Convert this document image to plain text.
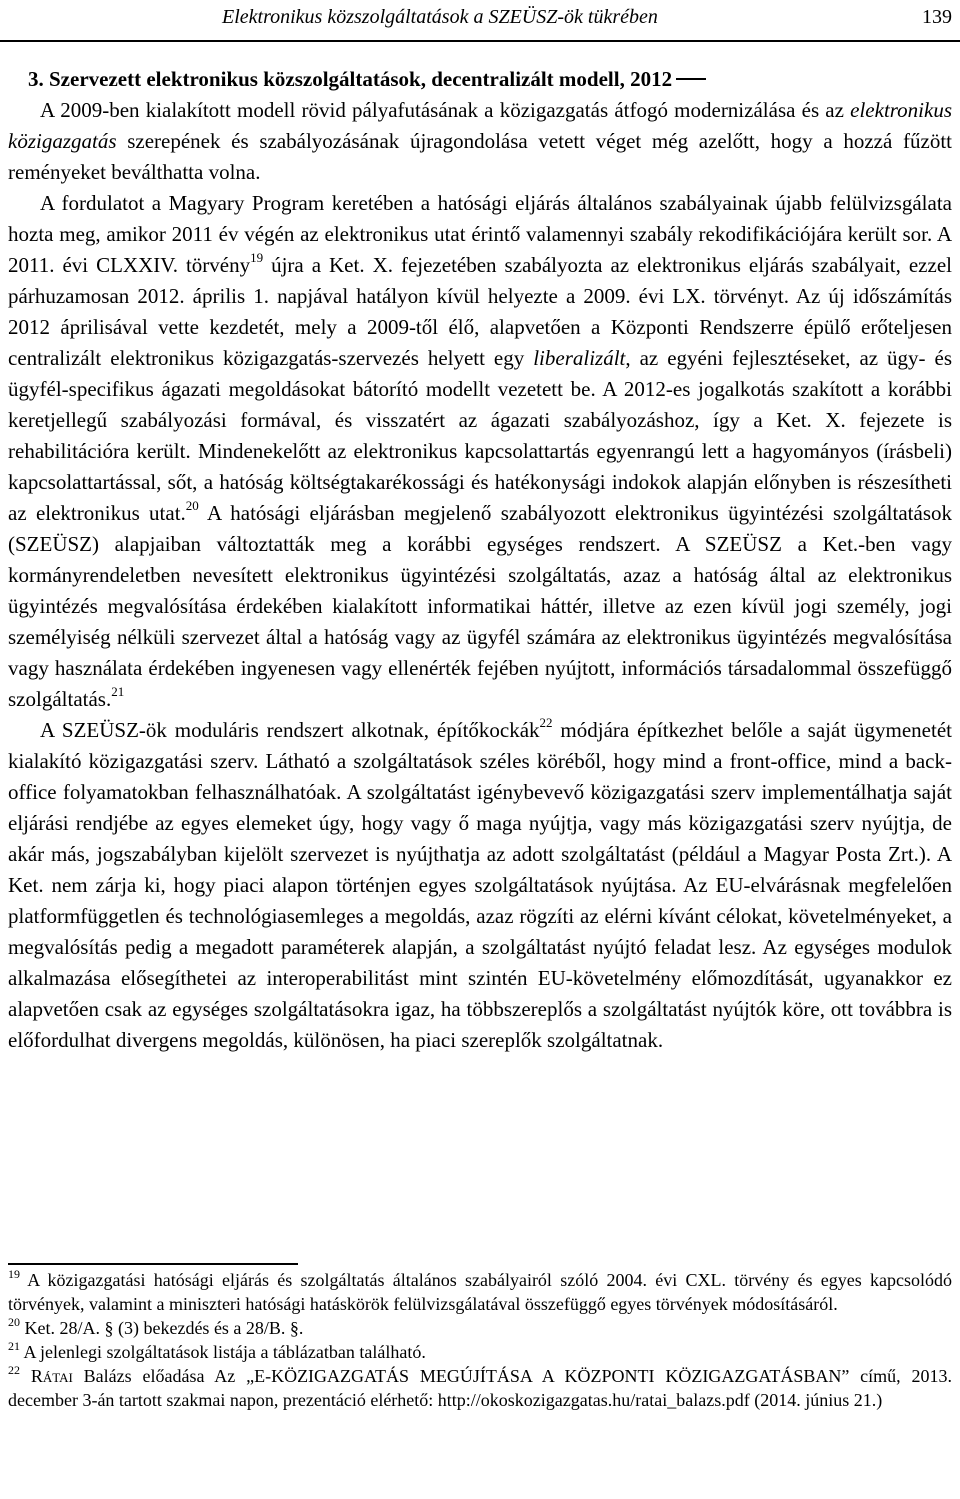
Elektronikus közszolgáltatások a SZEÜSZ-ök tükrében	139

3. Szervezett elektronikus közszolgáltatások, decentralizált modell, 2012

A 2009-ben kialakított modell rövid pályafutásának a közigazgatás átfogó modernizálása és az elektronikus közigazgatás szerepének és szabályozásának újragondolása vetett véget még azelőtt, hogy a hozzá fűzött reményeket beválthatta volna.

A fordulatot a Magyary Program keretében a hatósági eljárás általános szabályainak újabb felülvizsgálata hozta meg, amikor 2011 év végén az elektronikus utat érintő valamennyi szabály rekodifikációjára került sor. A 2011. évi CLXXIV. törvény$^{19}$ újra a Ket. X. fejezetében szabályozta az elektronikus eljárás szabályait, ezzel párhuzamosan 2012. április 1. napjával hatályon kívül helyezte a 2009. évi LX. törvényt. Az új időszámítás 2012 áprilisával vette kezdetét, mely a 2009-től élő, alapvetően a Központi Rendszerre épülő erőteljesen centralizált elektronikus közigazgatás-szervezés helyett egy liberalizált, az egyéni fejlesztéseket, az ügy- és ügyfél-specifikus ágazati megoldásokat bátorító modellt vezetett be. A 2012-es jogalkotás szakított a korábbi keretjellegű szabályozási formával, és visszatért az ágazati szabályozáshoz, így a Ket. X. fejezete is rehabilitációra került. Mindenekelőtt az elektronikus kapcsolattartás egyenrangú lett a hagyományos (írásbeli) kapcsolattartással, sőt, a hatóság költségtakarékossági és hatékonysági indokok alapján előnyben is részesítheti az elektronikus utat.$^{20}$ A hatósági eljárásban megjelenő szabályozott elektronikus ügyintézési szolgáltatások (SZEÜSZ) alapjaiban változtatták meg a korábbi egységes rendszert. A SZEÜSZ a Ket.-ben vagy kormányrendeletben nevesített elektronikus ügyintézési szolgáltatás, azaz a hatóság által az elektronikus ügyintézés megvalósítása érdekében kialakított informatikai háttér, illetve az ezen kívül jogi személy, jogi személyiség nélküli szervezet által a hatóság vagy az ügyfél számára az elektronikus ügyintézés megvalósítása vagy használata érdekében ingyenesen vagy ellenérték fejében nyújtott, információs társadalommal összefüggő szolgáltatás.$^{21}$

A SZEÜSZ-ök moduláris rendszert alkotnak, építőkockák$^{22}$ módjára építkezhet belőle a saját ügymenetét kialakító közigazgatási szerv. Látható a szolgáltatások széles köréből, hogy mind a front-office, mind a back-office folyamatokban felhasználhatóak. A szolgáltatást igénybevevő közigazgatási szerv implementálhatja saját eljárási rendjébe az egyes elemeket úgy, hogy vagy ő maga nyújtja, vagy más közigazgatási szerv nyújtja, de akár más, jogszabályban kijelölt szervezet is nyújthatja az adott szolgáltatást (például a Magyar Posta Zrt.). A Ket. nem zárja ki, hogy piaci alapon történjen egyes szolgáltatások nyújtása. Az EU-elvárásnak megfelelően platformfüggetlen és technológiasemleges a megoldás, azaz rögzíti az elérni kívánt célokat, követelményeket, a megvalósítás pedig a megadott paraméterek alapján, a szolgáltatást nyújtó feladat lesz. Az egységes modulok alkalmazása elősegíthetei az interoperabilitást mint szintén EU-követelmény előmozdítását, ugyanakkor ez alapvetően csak az egységes szolgáltatásokra igaz, ha többszereplős a szolgáltatást nyújtók köre, ott továbbra is előfordulhat divergens megoldás, különösen, ha piaci szereplők szolgáltatnak.

$^{19}$ A közigazgatási hatósági eljárás és szolgáltatás általános szabályairól szóló 2004. évi CXL. törvény és egyes kapcsolódó törvények, valamint a miniszteri hatósági hatáskörök felülvizsgálatával összefüggő egyes törvények módosításáról.

$^{20}$ Ket. 28/A. § (3) bekezdés és a 28/B. §.

$^{21}$ A jelenlegi szolgáltatások listája a táblázatban található.

$^{22}$ Rátai Balázs előadása Az „E-KÖZIGAZGATÁS MEGÚJÍTÁSA A KÖZPONTI KÖZIGAZGATÁSBAN” című, 2013. december 3-án tartott szakmai napon, prezentáció elérhető: http://okoskozigazgatas.hu/ratai_balazs.pdf (2014. június 21.)
